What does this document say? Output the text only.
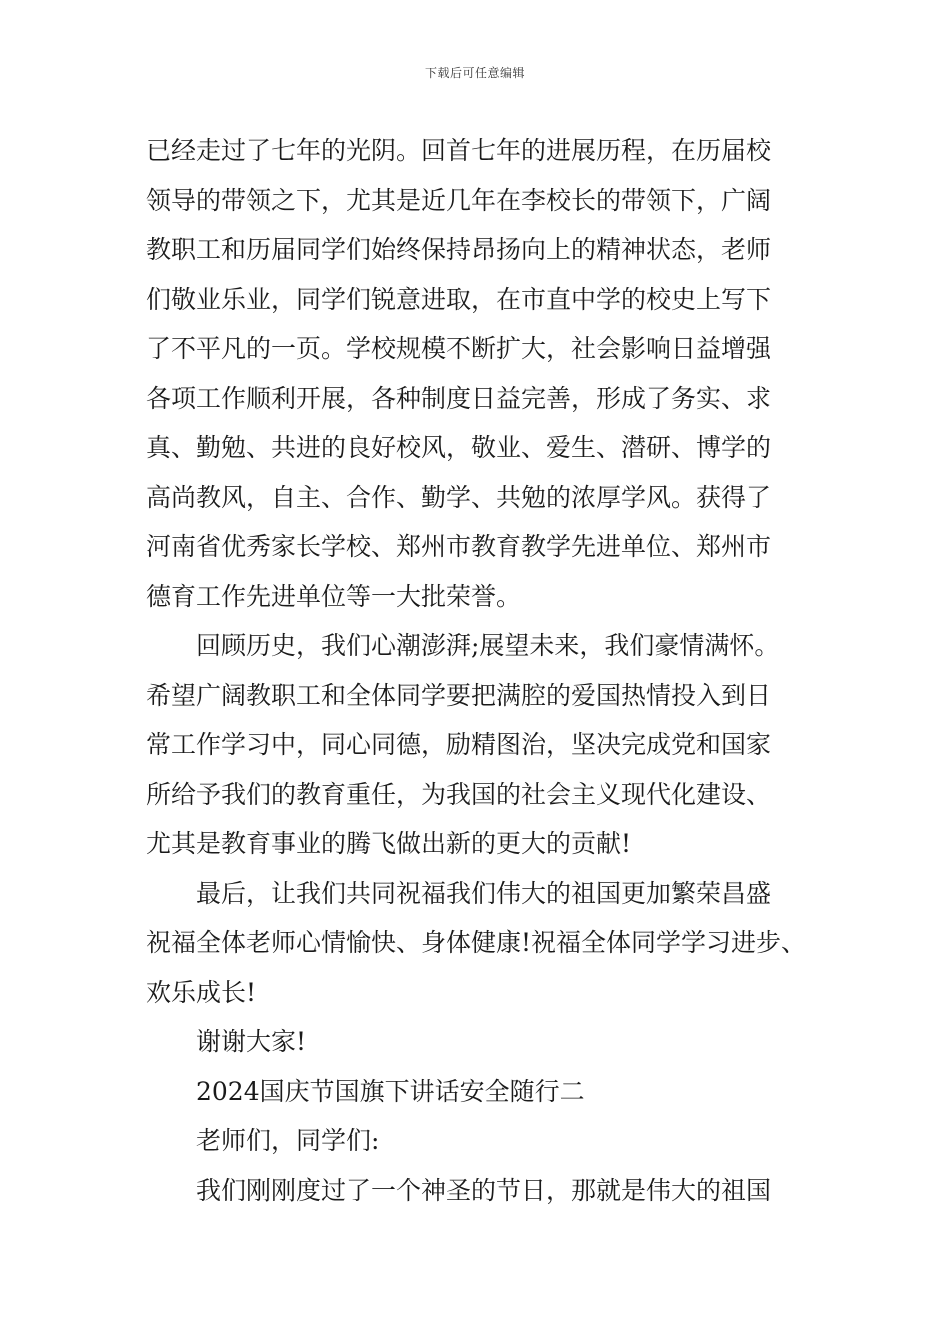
下载后可任意编辑
已经走过了七年的光阴。回首七年的进展历程，在历届校
领导的带领之下，尤其是近几年在李校长的带领下，广阔
教职工和历届同学们始终保持昂扬向上的精神状态，老师
们敬业乐业，同学们锐意进取，在市直中学的校史上写下
了不平凡的一页。学校规模不断扩大，社会影响日益增强
各项工作顺利开展，各种制度日益完善，形成了务实、求
真、勤勉、共进的良好校风，敬业、爱生、潜研、博学的
高尚教风，自主、合作、勤学、共勉的浓厚学风。获得了
河南省优秀家长学校、郑州市教育教学先进单位、郑州市
德育工作先进单位等一大批荣誉。
回顾历史，我们心潮澎湃;展望未来，我们豪情满怀。
希望广阔教职工和全体同学要把满腔的爱国热情投入到日
常工作学习中，同心同德，励精图治，坚决完成党和国家
所给予我们的教育重任，为我国的社会主义现代化建设、
尤其是教育事业的腾飞做出新的更大的贡献!
最后，让我们共同祝福我们伟大的祖国更加繁荣昌盛
祝福全体老师心情愉快、身体健康!祝福全体同学学习进步、
欢乐成长!
谢谢大家!
2024国庆节国旗下讲话安全随行二
老师们，同学们:
我们刚刚度过了一个神圣的节日，那就是伟大的祖国
